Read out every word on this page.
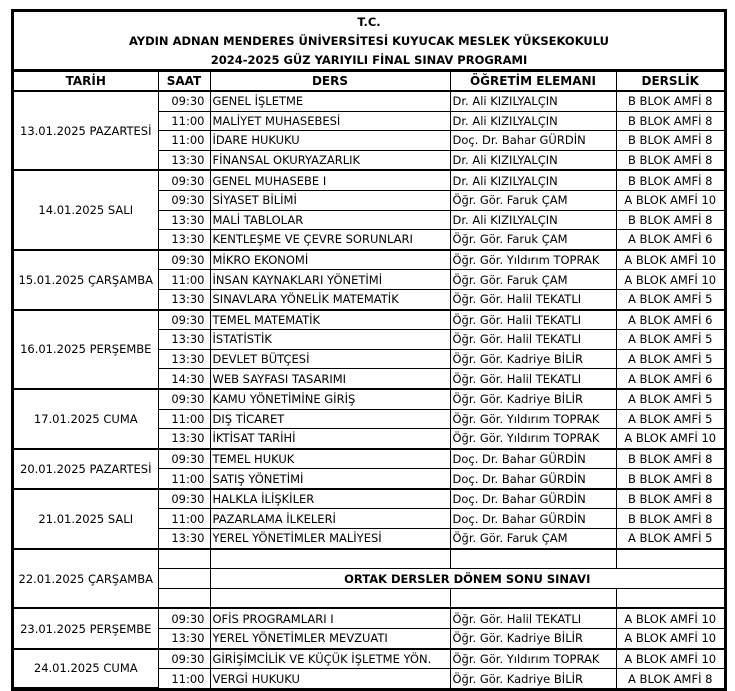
T.C.
AYDIN ADNAN MENDERES ÜNİVERSİTESİ KUYUCAK MESLEK YÜKSEKOKULU
2024-2025 GÜZ YARIYILI FİNAL SINAV PROGRAMI
TARİH	SAAT	DERS	ÖĞRETİM ELEMANI	DERSLİK
13.01.2025 PAZARTESİ	09:30	GENEL İŞLETME	Dr. Ali KIZILYALÇIN	B BLOK AMFİ 8
	11:00	MALİYET MUHASEBESİ	Dr. Ali KIZILYALÇIN	B BLOK AMFİ 8
	11:00	İDARE HUKUKU	Doç. Dr. Bahar GÜRDİN	B BLOK AMFİ 8
	13:30	FİNANSAL OKURYAZARLIK	Dr. Ali KIZILYALÇIN	B BLOK AMFİ 8
14.01.2025 SALI	09:30	GENEL MUHASEBE I	Dr. Ali KIZILYALÇIN	B BLOK AMFİ 8
	09:30	SİYASET BİLİMİ	Öğr. Gör. Faruk ÇAM	A BLOK AMFİ 10
	13:30	MALİ TABLOLAR	Dr. Ali KIZILYALÇIN	B BLOK AMFİ 8
	13:30	KENTLEŞME VE ÇEVRE SORUNLARI	Öğr. Gör. Faruk ÇAM	A BLOK AMFİ 6
15.01.2025 ÇARŞAMBA	09:30	MİKRO EKONOMİ	Öğr. Gör. Yıldırım TOPRAK	A BLOK AMFİ 10
	11:00	İNSAN KAYNAKLARI YÖNETİMİ	Öğr. Gör. Faruk ÇAM	A BLOK AMFİ 10
	13:30	SINAVLARA YÖNELİK MATEMATİK	Öğr. Gör. Halil TEKATLI	A BLOK AMFİ 5
16.01.2025 PERŞEMBE	09:30	TEMEL MATEMATİK	Öğr. Gör. Halil TEKATLI	A BLOK AMFİ 6
	13:30	İSTATİSTİK	Öğr. Gör. Halil TEKATLI	A BLOK AMFİ 5
	13:30	DEVLET BÜTÇESİ	Öğr. Gör. Kadriye BİLİR	A BLOK AMFİ 5
	14:30	WEB SAYFASI TASARIMI	Öğr. Gör. Halil TEKATLI	A BLOK AMFİ 6
17.01.2025 CUMA	09:30	KAMU YÖNETİMİNE GİRİŞ	Öğr. Gör. Kadriye BİLİR	A BLOK AMFİ 5
	11:00	DIŞ TİCARET	Öğr. Gör. Yıldırım TOPRAK	A BLOK AMFİ 5
	13:30	İKTİSAT TARİHİ	Öğr. Gör. Yıldırım TOPRAK	A BLOK AMFİ 10
20.01.2025 PAZARTESİ	09:30	TEMEL HUKUK	Doç. Dr. Bahar GÜRDİN	B BLOK AMFİ 8
	11:00	SATIŞ YÖNETİMİ	Doç. Dr. Bahar GÜRDİN	B BLOK AMFİ 8
21.01.2025 SALI	09:30	HALKLA İLİŞKİLER	Doç. Dr. Bahar GÜRDİN	B BLOK AMFİ 8
	11:00	PAZARLAMA İLKELERİ	Doç. Dr. Bahar GÜRDİN	B BLOK AMFİ 8
	13:30	YEREL YÖNETİMLER MALİYESİ	Öğr. Gör. Faruk ÇAM	A BLOK AMFİ 5
22.01.2025 ÇARŞAMBA				
		ORTAK DERSLER DÖNEM SONU SINAVI		

23.01.2025 PERŞEMBE	09:30	OFİS PROGRAMLARI I	Öğr. Gör. Halil TEKATLI	A BLOK AMFİ 10
	13:30	YEREL YÖNETİMLER MEVZUATI	Öğr. Gör. Kadriye BİLİR	A BLOK AMFİ 10
24.01.2025 CUMA	09:30	GİRİŞİMCİLİK VE KÜÇÜK İŞLETME YÖN.	Öğr. Gör. Yıldırım TOPRAK	A BLOK AMFİ 10
	11:00	VERGİ HUKUKU	Öğr. Gör. Kadriye BİLİR	A BLOK AMFİ 8
